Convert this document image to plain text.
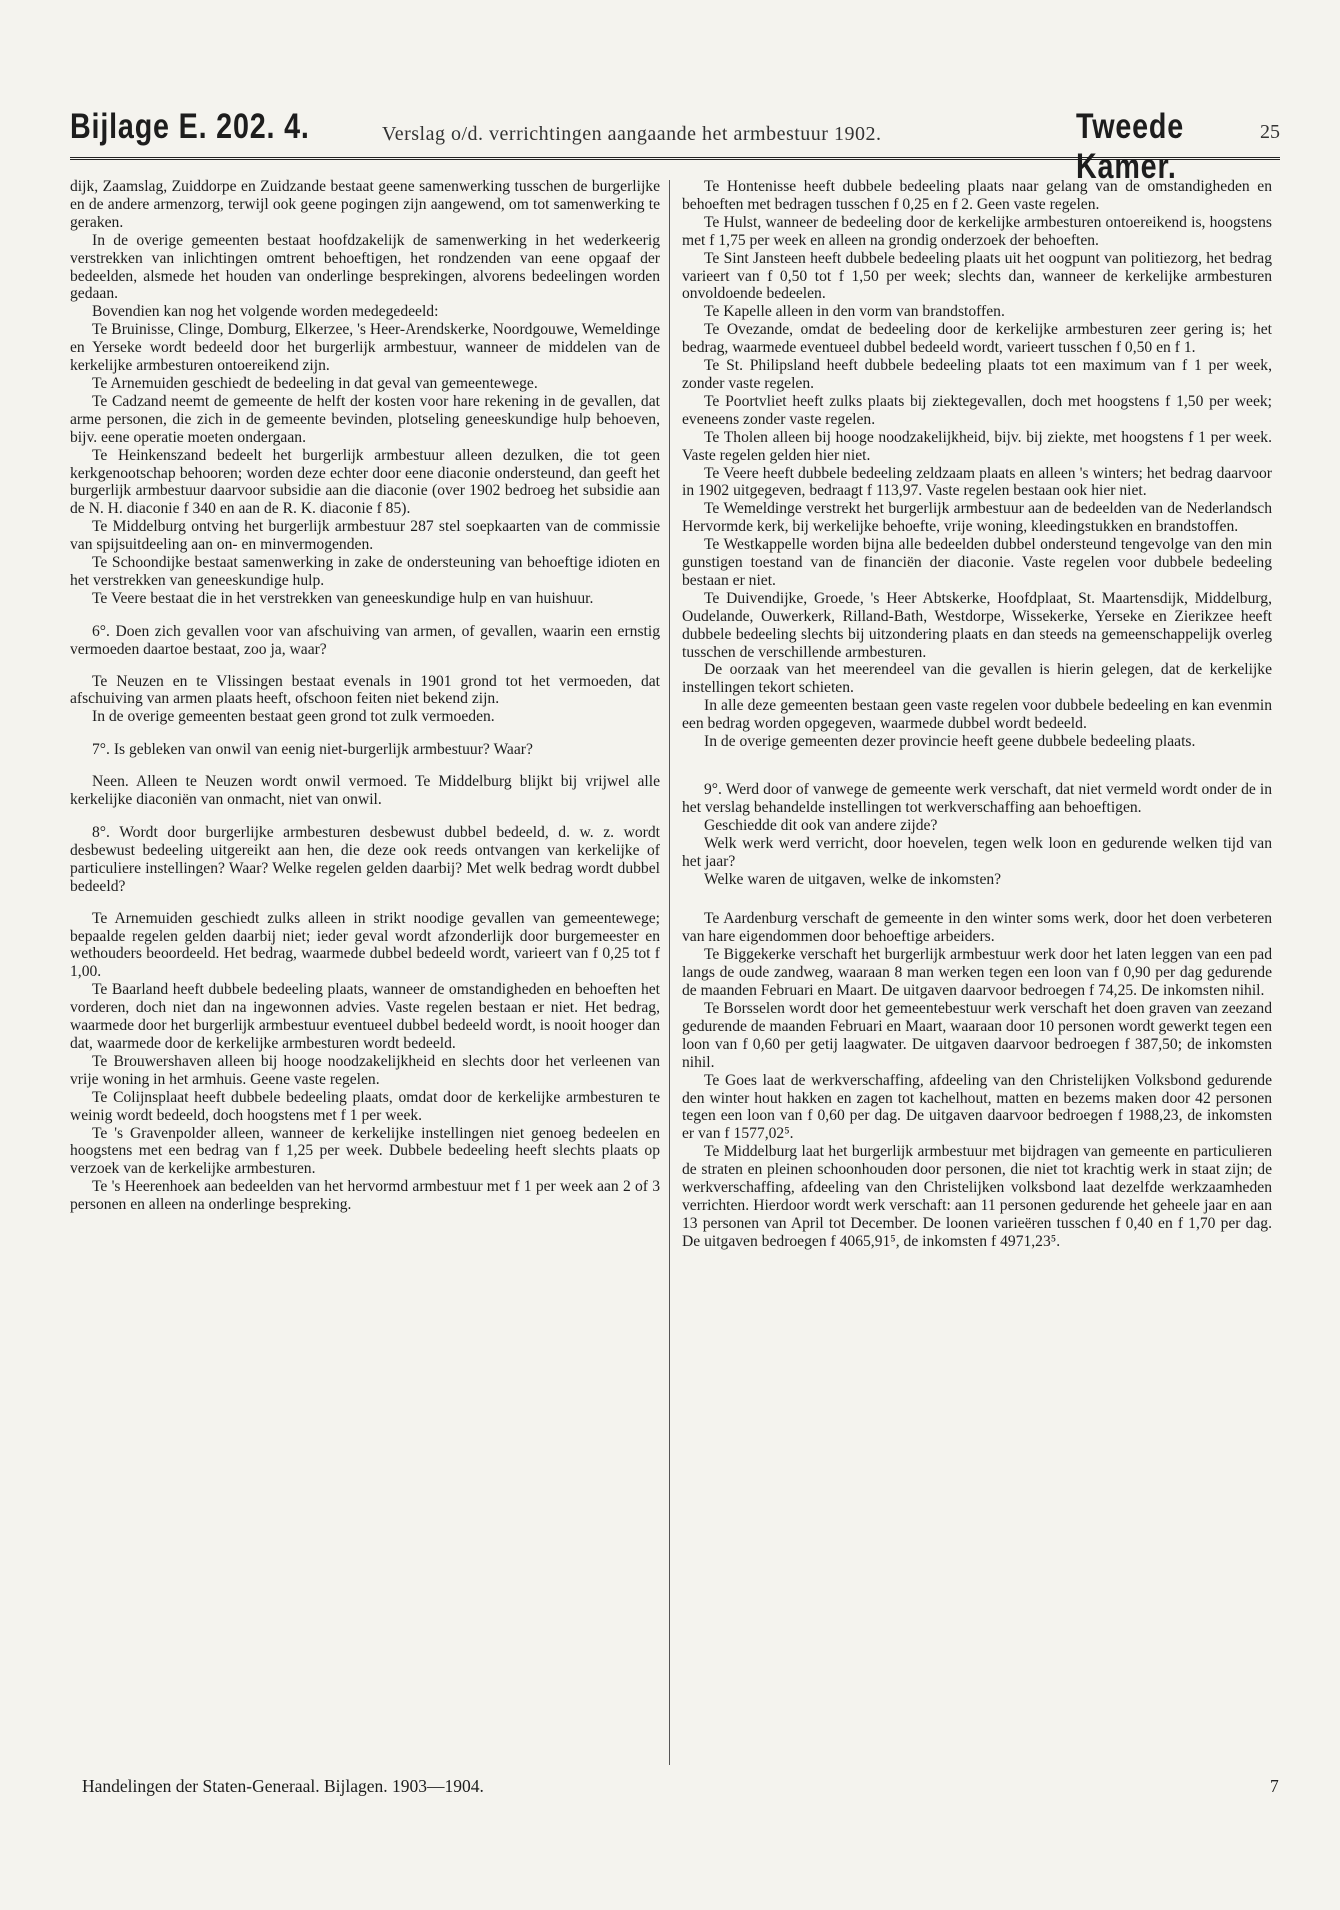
Bijlage E. 202. 4.	Verslag o/d. verrichtingen aangaande het armbestuur 1902.	Tweede Kamer.
25

dijk, Zaamslag, Zuiddorpe en Zuidzande bestaat geene samenwerking tusschen de burgerlijke en de andere armenzorg, terwijl ook geene pogingen zijn aangewend, om tot samenwerking te geraken.

In de overige gemeenten bestaat hoofdzakelijk de samenwerking in het wederkeerig verstrekken van inlichtingen omtrent behoeftigen, het rondzenden van eene opgaaf der bedeelden, alsmede het houden van onderlinge besprekingen, alvorens bedeelingen worden gedaan.

Bovendien kan nog het volgende worden medegedeeld:

Te Bruinisse, Clinge, Domburg, Elkerzee, 's Heer-Arendskerke, Noordgouwe, Wemeldinge en Yerseke wordt bedeeld door het burgerlijk armbestuur, wanneer de middelen van de kerkelijke armbesturen ontoereikend zijn.

Te Arnemuiden geschiedt de bedeeling in dat geval van gemeentewege.

Te Cadzand neemt de gemeente de helft der kosten voor hare rekening in de gevallen, dat arme personen, die zich in de gemeente bevinden, plotseling geneeskundige hulp behoeven, bijv. eene operatie moeten ondergaan.

Te Heinkenszand bedeelt het burgerlijk armbestuur alleen dezulken, die tot geen kerkgenootschap behooren; worden deze echter door eene diaconie ondersteund, dan geeft het burgerlijk armbestuur daarvoor subsidie aan die diaconie (over 1902 bedroeg het subsidie aan de N. H. diaconie f 340 en aan de R. K. diaconie f 85).

Te Middelburg ontving het burgerlijk armbestuur 287 stel soepkaarten van de commissie van spijsuitdeeling aan on- en minvermogenden.

Te Schoondijke bestaat samenwerking in zake de ondersteuning van behoeftige idioten en het verstrekken van geneeskundige hulp.

Te Veere bestaat die in het verstrekken van geneeskundige hulp en van huishuur.

6°. Doen zich gevallen voor van afschuiving van armen, of gevallen, waarin een ernstig vermoeden daartoe bestaat, zoo ja, waar?

Te Neuzen en te Vlissingen bestaat evenals in 1901 grond tot het vermoeden, dat afschuiving van armen plaats heeft, ofschoon feiten niet bekend zijn.

In de overige gemeenten bestaat geen grond tot zulk vermoeden.

7°. Is gebleken van onwil van eenig niet-burgerlijk armbestuur? Waar?

Neen. Alleen te Neuzen wordt onwil vermoed. Te Middelburg blijkt bij vrijwel alle kerkelijke diaconiën van onmacht, niet van onwil.

8°. Wordt door burgerlijke armbesturen desbewust dubbel bedeeld, d. w. z. wordt desbewust bedeeling uitgereikt aan hen, die deze ook reeds ontvangen van kerkelijke of particuliere instellingen? Waar? Welke regelen gelden daarbij? Met welk bedrag wordt dubbel bedeeld?

Te Arnemuiden geschiedt zulks alleen in strikt noodige gevallen van gemeentewege; bepaalde regelen gelden daarbij niet; ieder geval wordt afzonderlijk door burgemeester en wethouders beoordeeld. Het bedrag, waarmede dubbel bedeeld wordt, varieert van f 0,25 tot f 1,00.

Te Baarland heeft dubbele bedeeling plaats, wanneer de omstandigheden en behoeften het vorderen, doch niet dan na ingewonnen advies. Vaste regelen bestaan er niet. Het bedrag, waarmede door het burgerlijk armbestuur eventueel dubbel bedeeld wordt, is nooit hooger dan dat, waarmede door de kerkelijke armbesturen wordt bedeeld.

Te Brouwershaven alleen bij hooge noodzakelijkheid en slechts door het verleenen van vrije woning in het armhuis. Geene vaste regelen.

Te Colijnsplaat heeft dubbele bedeeling plaats, omdat door de kerkelijke armbesturen te weinig wordt bedeeld, doch hoogstens met f 1 per week.

Te 's Gravenpolder alleen, wanneer de kerkelijke instellingen niet genoeg bedeelen en hoogstens met een bedrag van f 1,25 per week. Dubbele bedeeling heeft slechts plaats op verzoek van de kerkelijke armbesturen.

Te 's Heerenhoek aan bedeelden van het hervormd armbestuur met f 1 per week aan 2 of 3 personen en alleen na onderlinge bespreking.

Te Hontenisse heeft dubbele bedeeling plaats naar gelang van de omstandigheden en behoeften met bedragen tusschen f 0,25 en f 2. Geen vaste regelen.

Te Hulst, wanneer de bedeeling door de kerkelijke armbesturen ontoereikend is, hoogstens met f 1,75 per week en alleen na grondig onderzoek der behoeften.

Te Sint Jansteen heeft dubbele bedeeling plaats uit het oogpunt van politiezorg, het bedrag varieert van f 0,50 tot f 1,50 per week; slechts dan, wanneer de kerkelijke armbesturen onvoldoende bedeelen.

Te Kapelle alleen in den vorm van brandstoffen.

Te Ovezande, omdat de bedeeling door de kerkelijke armbesturen zeer gering is; het bedrag, waarmede eventueel dubbel bedeeld wordt, varieert tusschen f 0,50 en f 1.

Te St. Philipsland heeft dubbele bedeeling plaats tot een maximum van f 1 per week, zonder vaste regelen.

Te Poortvliet heeft zulks plaats bij ziektegevallen, doch met hoogstens f 1,50 per week; eveneens zonder vaste regelen.

Te Tholen alleen bij hooge noodzakelijkheid, bijv. bij ziekte, met hoogstens f 1 per week. Vaste regelen gelden hier niet.

Te Veere heeft dubbele bedeeling zeldzaam plaats en alleen 's winters; het bedrag daarvoor in 1902 uitgegeven, bedraagt f 113,97. Vaste regelen bestaan ook hier niet.

Te Wemeldinge verstrekt het burgerlijk armbestuur aan de bedeelden van de Nederlandsch Hervormde kerk, bij werkelijke behoefte, vrije woning, kleedingstukken en brandstoffen.

Te Westkappelle worden bijna alle bedeelden dubbel ondersteund tengevolge van den min gunstigen toestand van de financiën der diaconie. Vaste regelen voor dubbele bedeeling bestaan er niet.

Te Duivendijke, Groede, 's Heer Abtskerke, Hoofdplaat, St. Maartensdijk, Middelburg, Oudelande, Ouwerkerk, Rilland-Bath, Westdorpe, Wissekerke, Yerseke en Zierikzee heeft dubbele bedeeling slechts bij uitzondering plaats en dan steeds na gemeenschappelijk overleg tusschen de verschillende armbesturen.

De oorzaak van het meerendeel van die gevallen is hierin gelegen, dat de kerkelijke instellingen tekort schieten.

In alle deze gemeenten bestaan geen vaste regelen voor dubbele bedeeling en kan evenmin een bedrag worden opgegeven, waarmede dubbel wordt bedeeld.

In de overige gemeenten dezer provincie heeft geene dubbele bedeeling plaats.

9°. Werd door of vanwege de gemeente werk verschaft, dat niet vermeld wordt onder de in het verslag behandelde instellingen tot werkverschaffing aan behoeftigen.

Geschiedde dit ook van andere zijde?

Welk werk werd verricht, door hoevelen, tegen welk loon en gedurende welken tijd van het jaar?

Welke waren de uitgaven, welke de inkomsten?

Te Aardenburg verschaft de gemeente in den winter soms werk, door het doen verbeteren van hare eigendommen door behoeftige arbeiders.

Te Biggekerke verschaft het burgerlijk armbestuur werk door het laten leggen van een pad langs de oude zandweg, waaraan 8 man werken tegen een loon van f 0,90 per dag gedurende de maanden Februari en Maart. De uitgaven daarvoor bedroegen f 74,25. De inkomsten nihil.

Te Borsselen wordt door het gemeentebestuur werk verschaft het doen graven van zeezand gedurende de maanden Februari en Maart, waaraan door 10 personen wordt gewerkt tegen een loon van f 0,60 per getij laagwater. De uitgaven daarvoor bedroegen f 387,50; de inkomsten nihil.

Te Goes laat de werkverschaffing, afdeeling van den Christelijken Volksbond gedurende den winter hout hakken en zagen tot kachelhout, matten en bezems maken door 42 personen tegen een loon van f 0,60 per dag. De uitgaven daarvoor bedroegen f 1988,23, de inkomsten er van f 1577,02⁵.

Te Middelburg laat het burgerlijk armbestuur met bijdragen van gemeente en particulieren de straten en pleinen schoonhouden door personen, die niet tot krachtig werk in staat zijn; de werkverschaffing, afdeeling van den Christelijken volksbond laat dezelfde werkzaamheden verrichten. Hierdoor wordt werk verschaft: aan 11 personen gedurende het geheele jaar en aan 13 personen van April tot December. De loonen varieëren tusschen f 0,40 en f 1,70 per dag. De uitgaven bedroegen f 4065,91⁵, de inkomsten f 4971,23⁵.

Handelingen der Staten-Generaal. Bijlagen. 1903—1904.	7
